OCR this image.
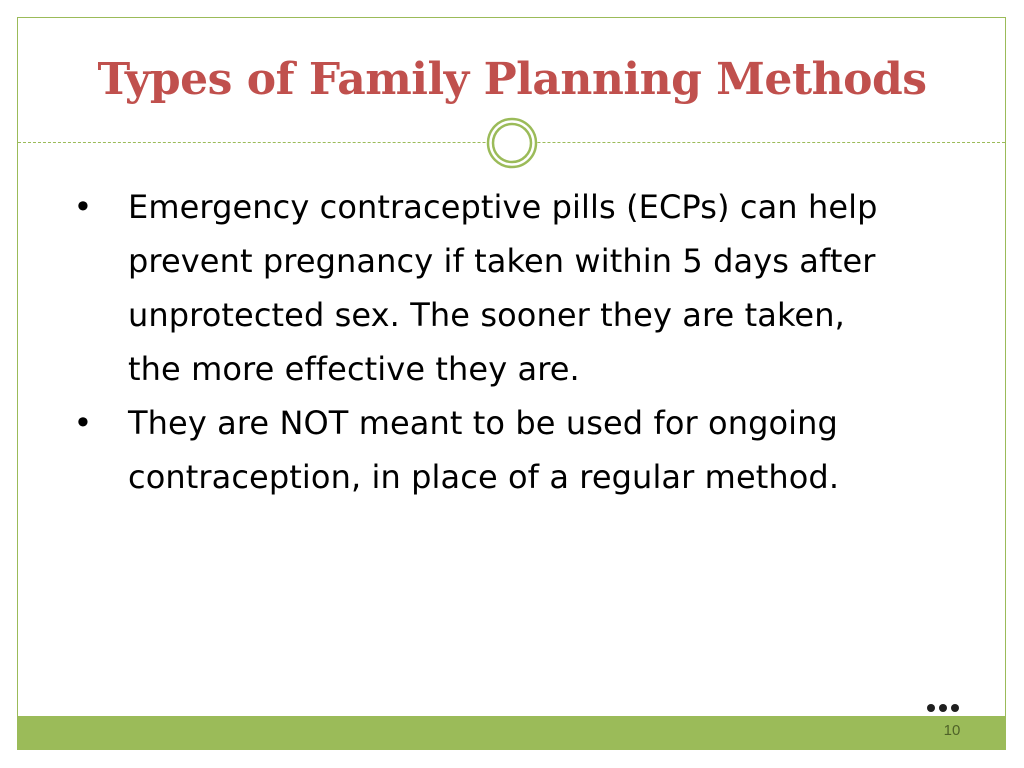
Types of Family Planning Methods
• Emergency contraceptive pills (ECPs) can help prevent pregnancy if taken within 5 days after unprotected sex. The sooner they are taken, the more effective they are.
• They are NOT meant to be used for ongoing contraception, in place of a regular method.
10
